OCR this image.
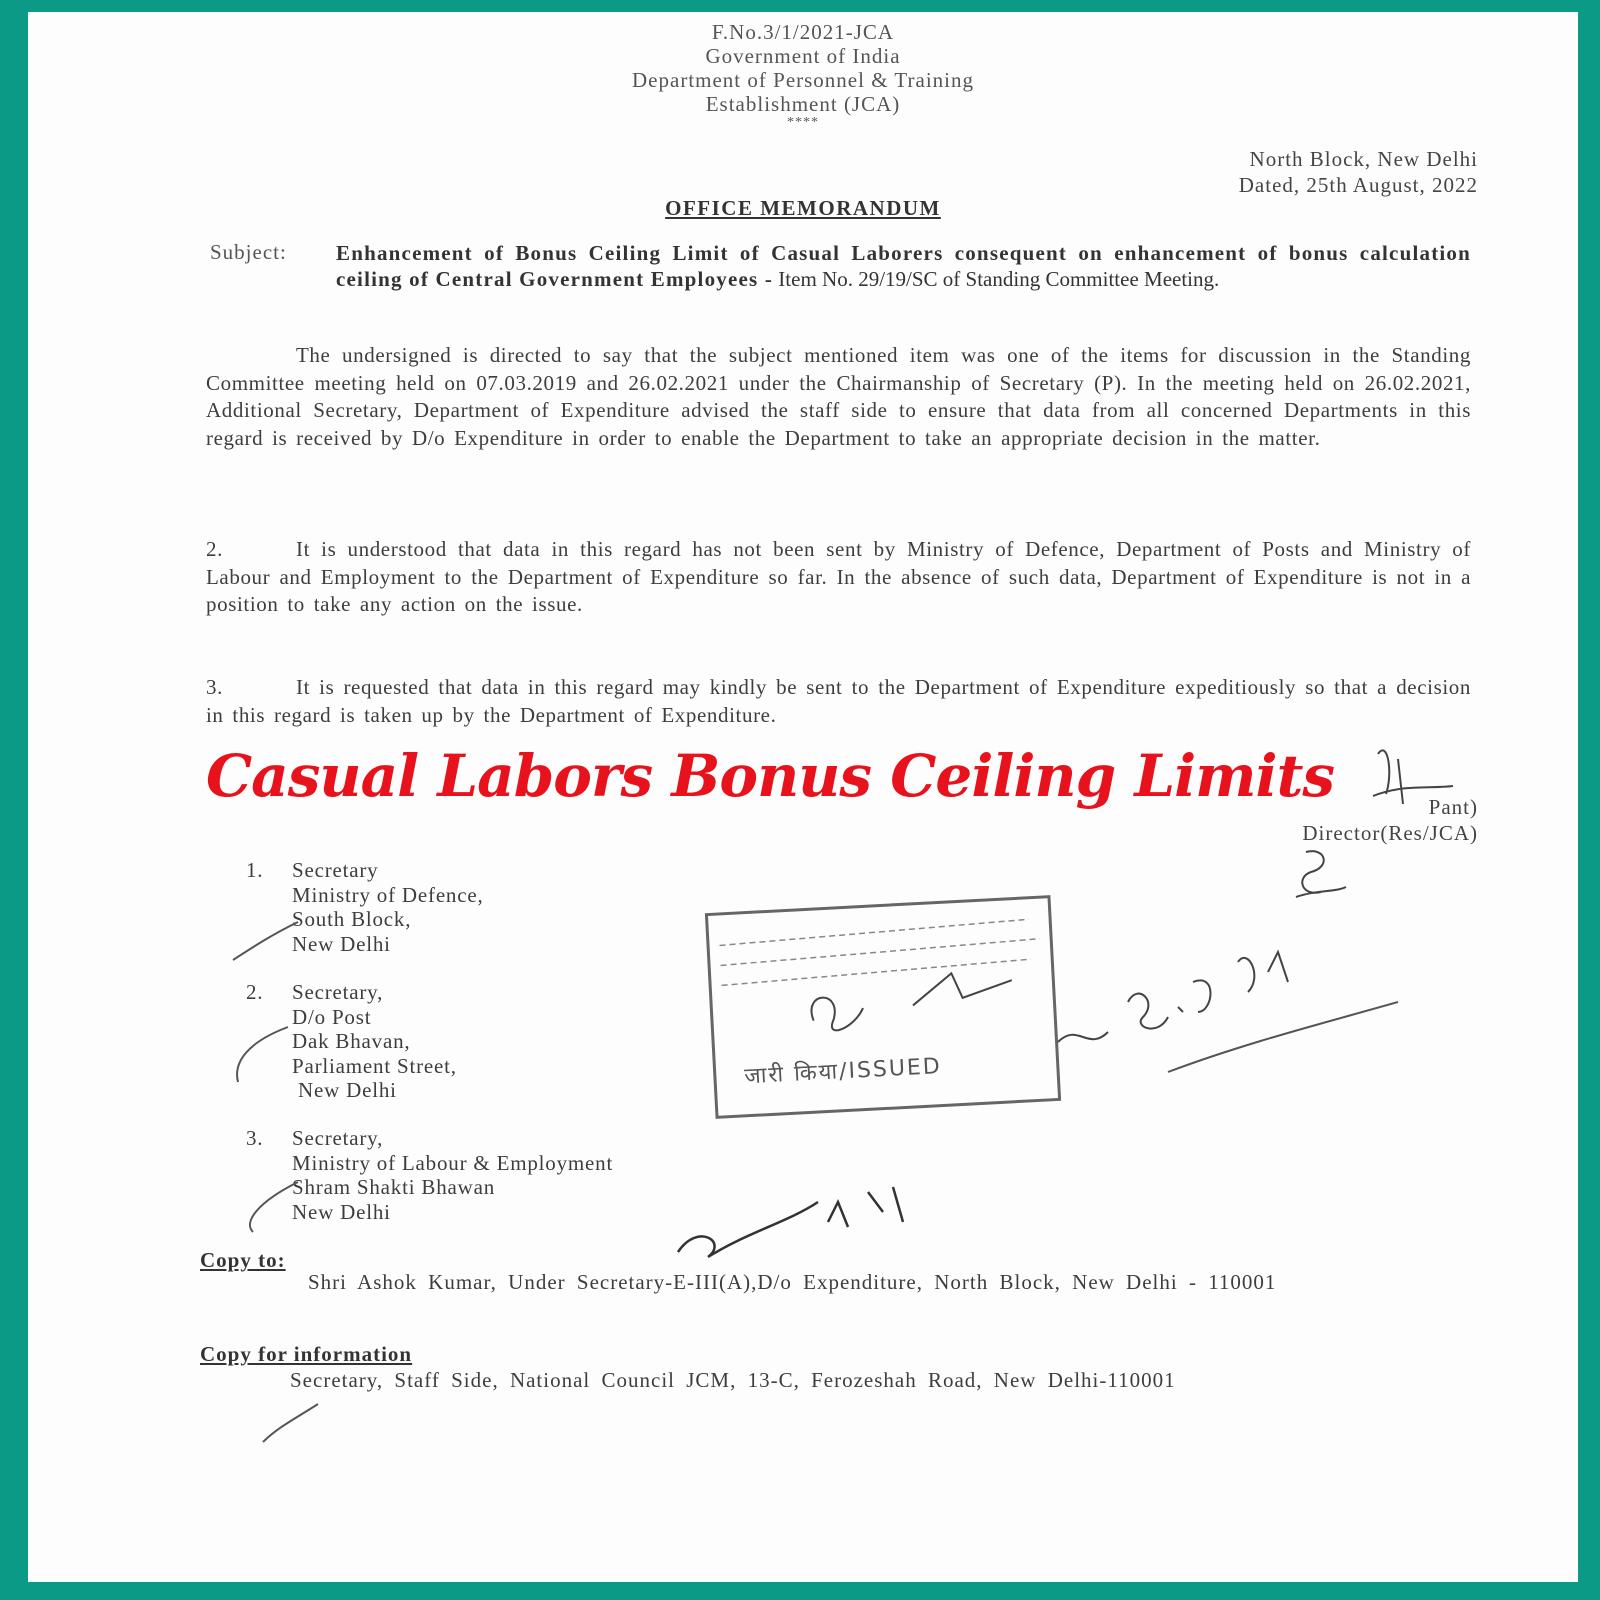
F.No.3/1/2021-JCA
Government of India
Department of Personnel & Training
Establishment (JCA)
****
North Block, New Delhi
Dated, 25th August, 2022
OFFICE MEMORANDUM
Subject: Enhancement of Bonus Ceiling Limit of Casual Laborers consequent on enhancement of bonus calculation ceiling of Central Government Employees - Item No. 29/19/SC of Standing Committee Meeting.
The undersigned is directed to say that the subject mentioned item was one of the items for discussion in the Standing Committee meeting held on 07.03.2019 and 26.02.2021 under the Chairmanship of Secretary (P). In the meeting held on 26.02.2021, Additional Secretary, Department of Expenditure advised the staff side to ensure that data from all concerned Departments in this regard is received by D/o Expenditure in order to enable the Department to take an appropriate decision in the matter.
2.	It is understood that data in this regard has not been sent by Ministry of Defence, Department of Posts and Ministry of Labour and Employment to the Department of Expenditure so far. In the absence of such data, Department of Expenditure is not in a position to take any action on the issue.
3.	It is requested that data in this regard may kindly be sent to the Department of Expenditure expeditiously so that a decision in this regard is taken up by the Department of Expenditure.
Pant)
Director(Res/JCA)
Casual Labors Bonus Ceiling Limits
1. Secretary
Ministry of Defence,
South Block,
New Delhi
2. Secretary,
D/o Post
Dak Bhavan,
Parliament Street,
New Delhi
3. Secretary,
Ministry of Labour & Employment
Shram Shakti Bhawan
New Delhi
जारी किया/ISSUED
Copy to:
Shri Ashok Kumar, Under Secretary-E-III(A),D/o Expenditure, North Block, New Delhi - 110001
Copy for information
Secretary, Staff Side, National Council JCM, 13-C, Ferozeshah Road, New Delhi-110001
